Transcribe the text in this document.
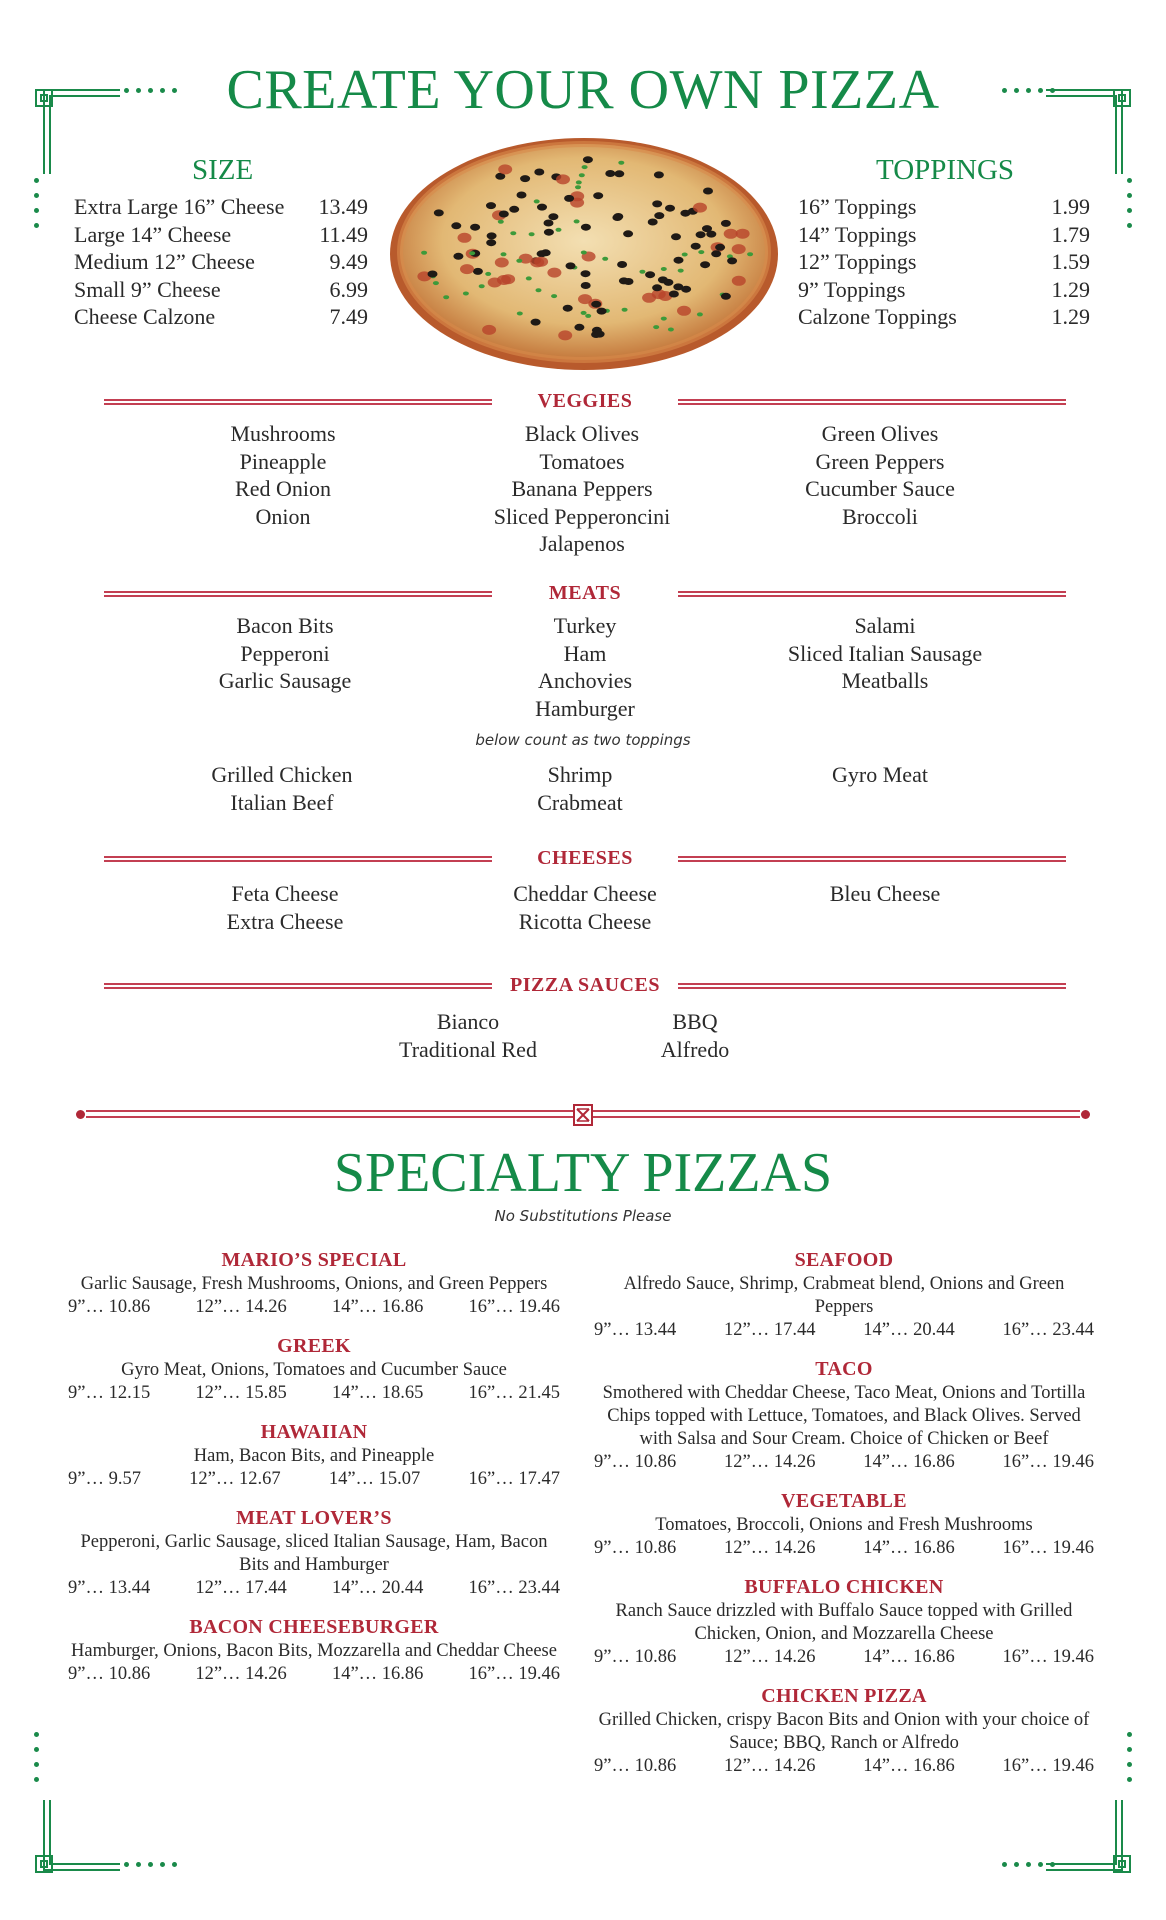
CREATE YOUR OWN PIZZA
SIZE
Extra Large 16” Cheese 13.49
Large 14” Cheese	11.49
Medium 12” Cheese	9.49
Small 9” Cheese	6.99
Cheese Calzone	7.49
TOPPINGS
16” Toppings	1.99
14” Toppings	1.79
12” Toppings	1.59
9” Toppings	1.29
Calzone Toppings	1.29
VEGGIES
Mushrooms
Pineapple
Red Onion
Onion
Black Olives
Tomatoes
Banana Peppers
Sliced Pepperoncini
Jalapenos
Green Olives
Green Peppers
Cucumber Sauce
Broccoli
MEATS
Bacon Bits
Pepperoni
Garlic Sausage
Turkey
Ham
Anchovies
Hamburger
Salami
Sliced Italian Sausage
Meatballs
below count as two toppings
Grilled Chicken
Italian Beef
Shrimp
Crabmeat
Gyro Meat
CHEESES
Feta Cheese
Extra Cheese
Cheddar Cheese
Ricotta Cheese
Bleu Cheese
PIZZA SAUCES
Bianco
Traditional Red
BBQ
Alfredo
SPECIALTY PIZZAS
No Substitutions Please
MARIO’S SPECIAL
Garlic Sausage, Fresh Mushrooms, Onions, and Green Peppers
9”… 10.86 12”… 14.26 14”… 16.86 16”… 19.46
GREEK
Gyro Meat, Onions, Tomatoes and Cucumber Sauce
9”… 12.15 12”… 15.85 14”… 18.65 16”… 21.45
HAWAIIAN
Ham, Bacon Bits, and Pineapple
9”… 9.57	12”… 12.67	14”… 15.07	16”… 17.47
MEAT LOVER’S
Pepperoni, Garlic Sausage, sliced Italian Sausage, Ham, Bacon Bits and Hamburger
9”… 13.44 12”… 17.44 14”… 20.44 16”… 23.44
BACON CHEESEBURGER
Hamburger, Onions, Bacon Bits, Mozzarella and Cheddar Cheese
9”… 10.86 12”… 14.26 14”… 16.86 16”… 19.46
SEAFOOD
Alfredo Sauce, Shrimp, Crabmeat blend, Onions and Green Peppers
9”… 13.44	12”… 17.44	14”… 20.44	16”… 23.44
TACO
Smothered with Cheddar Cheese, Taco Meat, Onions and Tortilla Chips topped with Lettuce, Tomatoes, and Black Olives. Served with Salsa and Sour Cream. Choice of Chicken or Beef
9”… 10.86	12”… 14.26	14”… 16.86	16”… 19.46
VEGETABLE
Tomatoes, Broccoli, Onions and Fresh Mushrooms
9”… 10.86	12”… 14.26	14”… 16.86	16”… 19.46
BUFFALO CHICKEN
Ranch Sauce drizzled with Buffalo Sauce topped with Grilled Chicken, Onion, and Mozzarella Cheese
9”… 10.86	12”… 14.26	14”… 16.86	16”… 19.46
CHICKEN PIZZA
Grilled Chicken, crispy Bacon Bits and Onion with your choice of Sauce; BBQ, Ranch or Alfredo
9”… 10.86	12”… 14.26	14”… 16.86	16”… 19.46
